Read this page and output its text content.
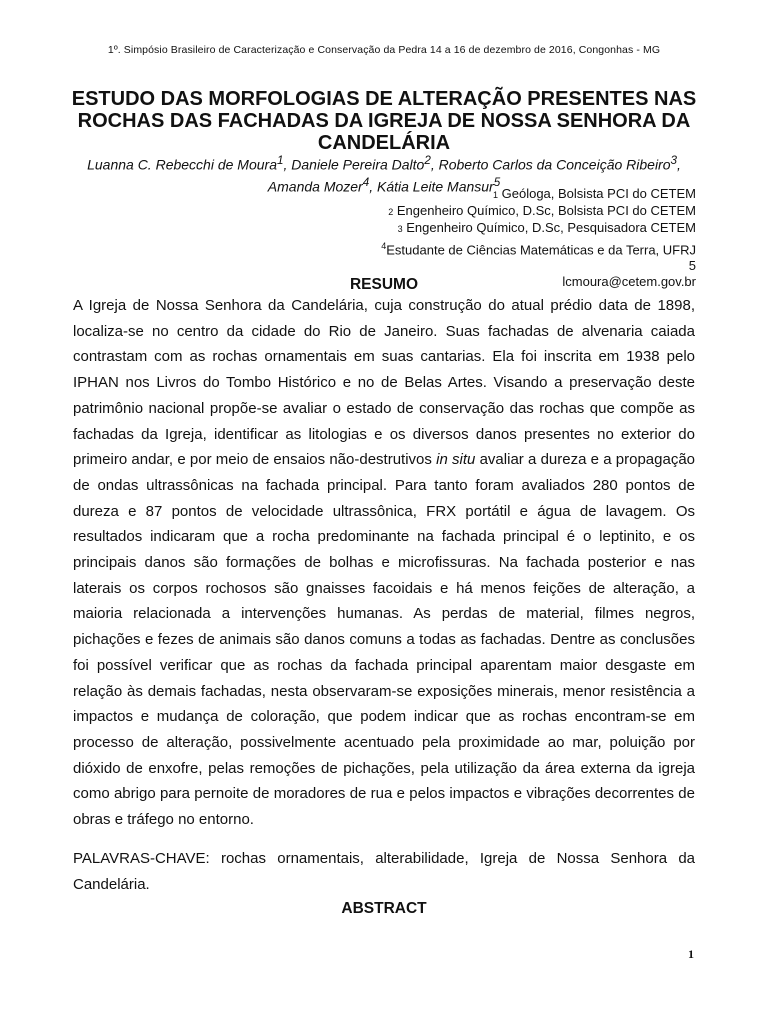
1º. Simpósio Brasileiro de Caracterização e Conservação da Pedra 14 a 16 de dezembro de 2016, Congonhas - MG
ESTUDO DAS MORFOLOGIAS DE ALTERAÇÃO PRESENTES NAS ROCHAS DAS FACHADAS DA IGREJA DE NOSSA SENHORA DA CANDELÁRIA
Luanna C. Rebecchi de Moura$^1$, Daniele Pereira Dalto$^2$, Roberto Carlos da Conceição Ribeiro$^3$, Amanda Mozer$^4$, Kátia Leite Mansur$^5$
1 Geóloga, Bolsista PCI do CETEM
2 Engenheiro Químico, D.Sc, Bolsista PCI do CETEM
3 Engenheiro Químico, D.Sc, Pesquisadora CETEM
$^4$Estudante de Ciências Matemáticas e da Terra, UFRJ
5
lcmoura@cetem.gov.br
RESUMO
A Igreja de Nossa Senhora da Candelária, cuja construção do atual prédio data de 1898, localiza-se no centro da cidade do Rio de Janeiro. Suas fachadas de alvenaria caiada contrastam com as rochas ornamentais em suas cantarias. Ela foi inscrita em 1938 pelo IPHAN nos Livros do Tombo Histórico e no de Belas Artes. Visando a preservação deste patrimônio nacional propõe-se avaliar o estado de conservação das rochas que compõe as fachadas da Igreja, identificar as litologias e os diversos danos presentes no exterior do primeiro andar, e por meio de ensaios não-destrutivos in situ avaliar a dureza e a propagação de ondas ultrassônicas na fachada principal. Para tanto foram avaliados 280 pontos de dureza e 87 pontos de velocidade ultrassônica, FRX portátil e água de lavagem. Os resultados indicaram que a rocha predominante na fachada principal é o leptinito, e os principais danos são formações de bolhas e microfissuras. Na fachada posterior e nas laterais os corpos rochosos são gnaisses facoidais e há menos feições de alteração, a maioria relacionada a intervenções humanas. As perdas de material, filmes negros, pichações e fezes de animais são danos comuns a todas as fachadas. Dentre as conclusões foi possível verificar que as rochas da fachada principal aparentam maior desgaste em relação às demais fachadas, nesta observaram-se exposições minerais, menor resistência a impactos e mudança de coloração, que podem indicar que as rochas encontram-se em processo de alteração, possivelmente acentuado pela proximidade ao mar, poluição por dióxido de enxofre, pelas remoções de pichações, pela utilização da área externa da igreja como abrigo para pernoite de moradores de rua e pelos impactos e vibrações decorrentes de obras e tráfego no entorno.
PALAVRAS-CHAVE: rochas ornamentais, alterabilidade, Igreja de Nossa Senhora da Candelária.
ABSTRACT
1
